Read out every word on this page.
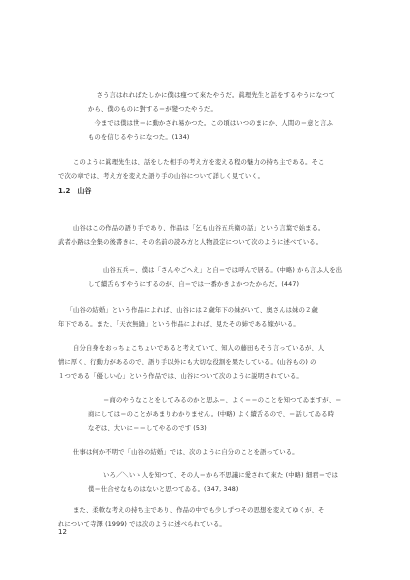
さう言はれればたしかに僕は瘦つて來たやうだ。眞理先生と話をするやうになつて
から、僕のものに對する＝が變つたやうだ。
　今までは僕は世＝に動かされ易かつた。この頃はいつのまにか、人間の＝意と言ふ
ものを信じるやうになつた。(134)

　このように眞理先生は、話をした相手の考え方を変える程の魅力の持ち主である。そこ
で次の章では、考え方を変えた語り手の山谷について詳しく見ていく。

1.2　山谷

　山谷はこの作品の語り手であり、作品は「乞も山谷五兵衛の話」という言葉で始まる。
武者小路は全集の後書きに、その名前の読み方と人物設定について次のように述べている。

　山谷五兵＝、僕は「さんやごへえ」と自＝では呼んで居る。(中略) から言ふ人を出
して續舌らすやうにするのが、自＝では一番かきよかつたからだ。(447)

「山谷の結婚」という作品によれば、山谷には２歳年下の妹がいて、奥さんは妹の２歳
年下である。また、「天衣無縫」という作品によれば、見たその姉である嫁がいる。

　自分自身をおっちょこちょいであると考えていて、知人の藤田もそう言っているが、人
情に厚く、行動力があるので、語り手以外にも大切な役割を果たしている。(山谷もの) の
１つである「優しい心」という作品では、山谷について次のように説明されている。

　＝商のやうなことをしてみるのかと思ふ＝、よく＝＝のことを知つてゐますが、＝
商にしては＝のことがあまりわかりません。(中略) よく續舌るので、＝話してゐる時
なぞは、大いに＝＝してやるのです (53)

　仕事は何か不明で「山谷の結婚」では、次のように自分のことを語っている。

　いろ／＼いゝ人を知つて、その人＝から不思議に愛されて來た (中略) 細君＝では
僕＝仕合せなものはないと思つてゐる。(347, 348)

　また、柔軟な考えの持ち主であり、作品の中でも少しずつその思想を変えてゆくが、そ
れについて寺澤 (1999) では次のように述べられている。

12
